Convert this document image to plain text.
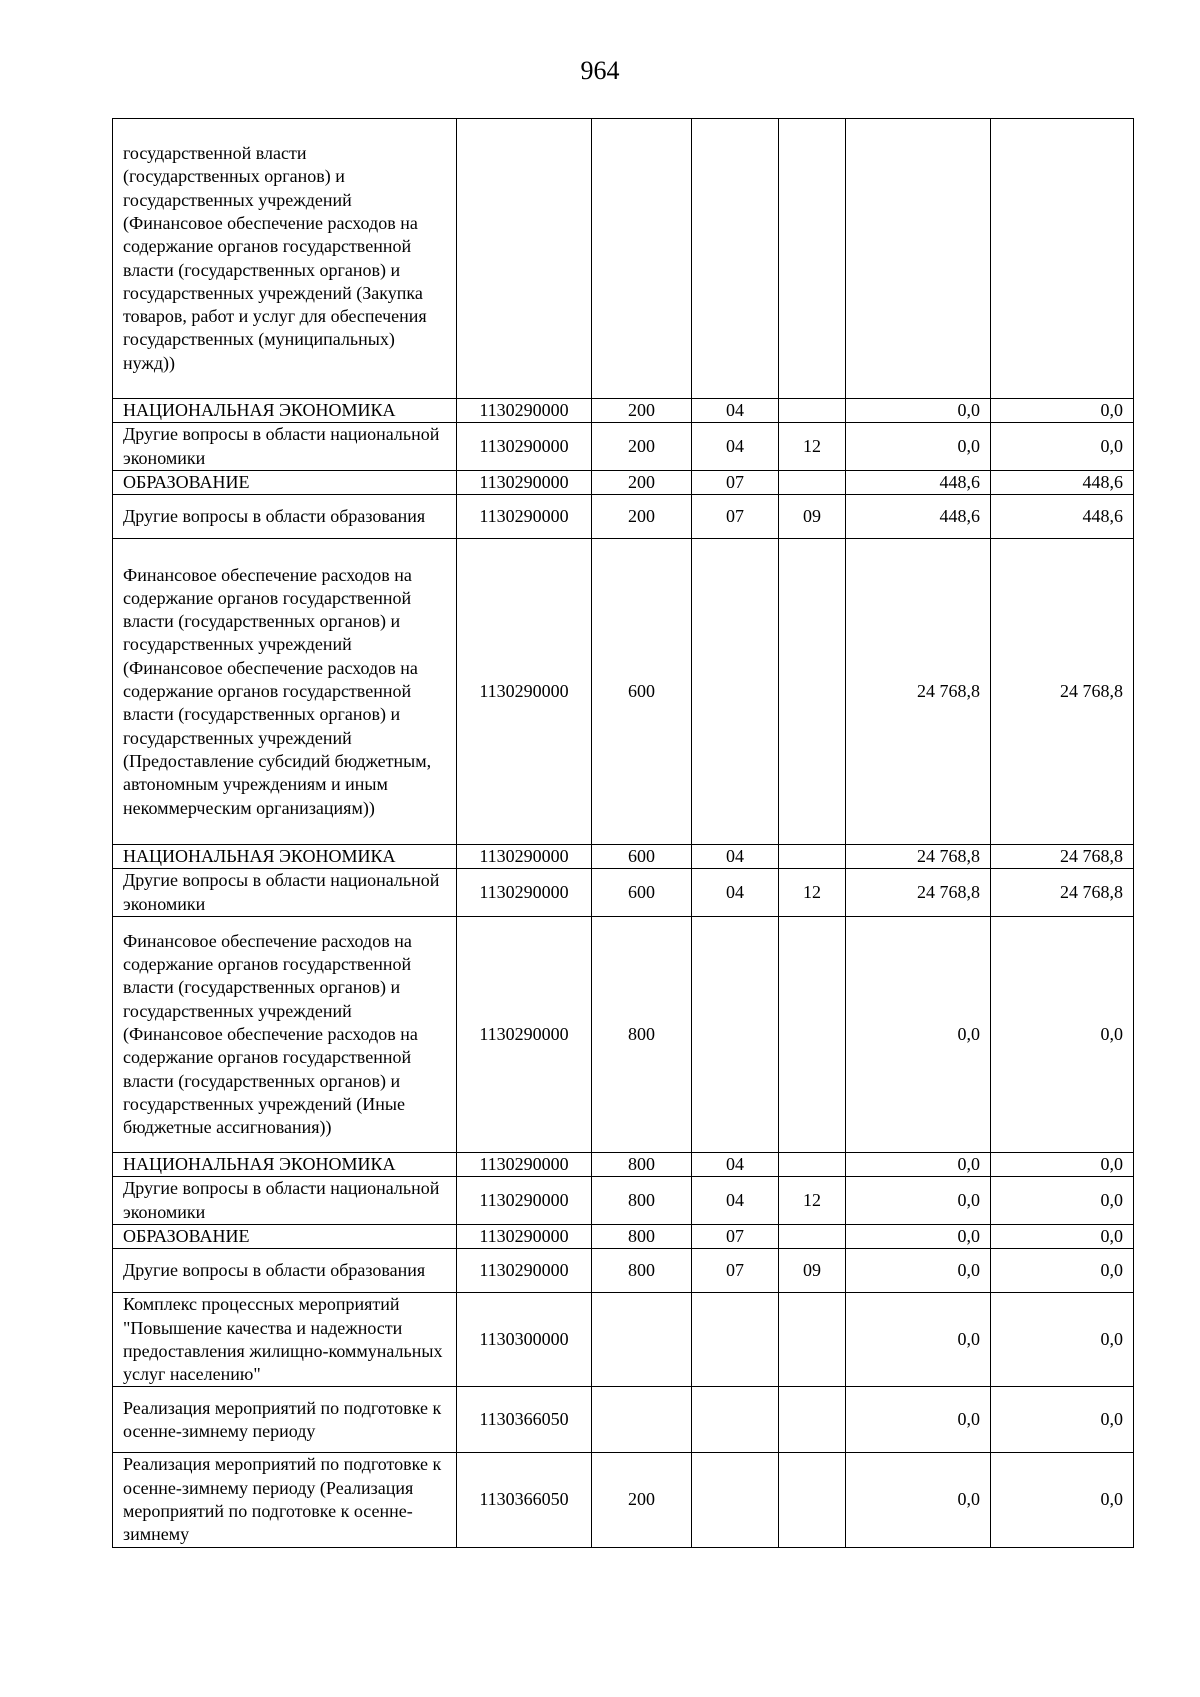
964
государственной власти (государственных органов) и государственных учреждений (Финансовое обеспечение расходов на содержание органов государственной власти (государственных органов) и государственных учреждений (Закупка товаров, работ и услуг для обеспечения государственных (муниципальных) нужд))						
НАЦИОНАЛЬНАЯ ЭКОНОМИКА	1130290000	200	04		0,0	0,0
Другие вопросы в области национальной экономики	1130290000	200	04	12	0,0	0,0
ОБРАЗОВАНИЕ	1130290000	200	07		448,6	448,6
Другие вопросы в области образования	1130290000	200	07	09	448,6	448,6
Финансовое обеспечение расходов на содержание органов государственной власти (государственных органов) и государственных учреждений (Финансовое обеспечение расходов на содержание органов государственной власти (государственных органов) и государственных учреждений (Предоставление субсидий бюджетным, автономным учреждениям и иным некоммерческим организациям))	1130290000	600			24 768,8	24 768,8
НАЦИОНАЛЬНАЯ ЭКОНОМИКА	1130290000	600	04		24 768,8	24 768,8
Другие вопросы в области национальной экономики	1130290000	600	04	12	24 768,8	24 768,8
Финансовое обеспечение расходов на содержание органов государственной власти (государственных органов) и государственных учреждений (Финансовое обеспечение расходов на содержание органов государственной власти (государственных органов) и государственных учреждений (Иные бюджетные ассигнования))	1130290000	800			0,0	0,0
НАЦИОНАЛЬНАЯ ЭКОНОМИКА	1130290000	800	04		0,0	0,0
Другие вопросы в области национальной экономики	1130290000	800	04	12	0,0	0,0
ОБРАЗОВАНИЕ	1130290000	800	07		0,0	0,0
Другие вопросы в области образования	1130290000	800	07	09	0,0	0,0
Комплекс процессных мероприятий "Повышение качества и надежности предоставления жилищно-коммунальных услуг населению"	1130300000				0,0	0,0
Реализация мероприятий по подготовке к осенне-зимнему периоду	1130366050				0,0	0,0
Реализация мероприятий по подготовке к осенне-зимнему периоду (Реализация мероприятий по подготовке к осенне-зимнему	1130366050	200			0,0	0,0
